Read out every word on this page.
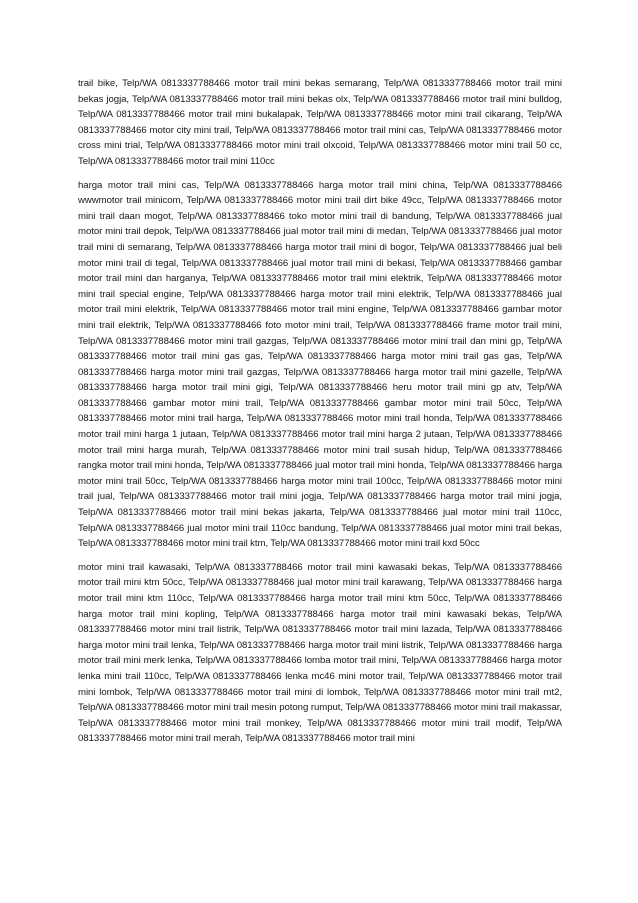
trail bike, Telp/WA 0813337788466 motor trail mini bekas semarang, Telp/WA 0813337788466 motor trail mini bekas jogja, Telp/WA 0813337788466 motor trail mini bekas olx, Telp/WA 0813337788466 motor trail mini bulldog, Telp/WA 0813337788466 motor trail mini bukalapak, Telp/WA 0813337788466 motor mini trail cikarang, Telp/WA 0813337788466 motor city mini trail, Telp/WA 0813337788466 motor trail mini cas, Telp/WA 0813337788466 motor cross mini trial, Telp/WA 0813337788466 motor mini trail olxcoid, Telp/WA 0813337788466 motor mini trail 50 cc, Telp/WA 0813337788466 motor trail mini 110cc

harga motor trail mini cas, Telp/WA 0813337788466 harga motor trail mini china, Telp/WA 0813337788466 wwwmotor trail minicom, Telp/WA 0813337788466 motor mini trail dirt bike 49cc, Telp/WA 0813337788466 motor mini trail daan mogot, Telp/WA 0813337788466 toko motor mini trail di bandung, Telp/WA 0813337788466 jual motor mini trail depok, Telp/WA 0813337788466 jual motor trail mini di medan, Telp/WA 0813337788466 jual motor trail mini di semarang, Telp/WA 0813337788466 harga motor trail mini di bogor, Telp/WA 0813337788466 jual beli motor mini trail di tegal, Telp/WA 0813337788466 jual motor trail mini di bekasi, Telp/WA 0813337788466 gambar motor trail mini dan harganya, Telp/WA 0813337788466 motor trail mini elektrik, Telp/WA 0813337788466 motor mini trail special engine, Telp/WA 0813337788466 harga motor trail mini elektrik, Telp/WA 0813337788466 jual motor trail mini elektrik, Telp/WA 0813337788466 motor trail mini engine, Telp/WA 0813337788466 gambar motor mini trail elektrik, Telp/WA 0813337788466 foto motor mini trail, Telp/WA 0813337788466 frame motor trail mini, Telp/WA 0813337788466 motor mini trail gazgas, Telp/WA 0813337788466 motor mini trail dan mini gp, Telp/WA 0813337788466 motor trail mini gas gas, Telp/WA 0813337788466 harga motor mini trail gas gas, Telp/WA 0813337788466 harga motor mini trail gazgas, Telp/WA 0813337788466 harga motor trail mini gazelle, Telp/WA 0813337788466 harga motor trail mini gigi, Telp/WA 0813337788466 heru motor trail mini gp atv, Telp/WA 0813337788466 gambar motor mini trail, Telp/WA 0813337788466 gambar motor mini trail 50cc, Telp/WA 0813337788466 motor mini trail harga, Telp/WA 0813337788466 motor mini trail honda, Telp/WA 0813337788466 motor trail mini harga 1 jutaan, Telp/WA 0813337788466 motor trail mini harga 2 jutaan, Telp/WA 0813337788466 motor trail mini harga murah, Telp/WA 0813337788466 motor mini trail susah hidup, Telp/WA 0813337788466 rangka motor trail mini honda, Telp/WA 0813337788466 jual motor trail mini honda, Telp/WA 0813337788466 harga motor mini trail 50cc, Telp/WA 0813337788466 harga motor mini trail 100cc, Telp/WA 0813337788466 motor mini trail jual, Telp/WA 0813337788466 motor trail mini jogja, Telp/WA 0813337788466 harga motor trail mini jogja, Telp/WA 0813337788466 motor trail mini bekas jakarta, Telp/WA 0813337788466 jual motor mini trail 110cc, Telp/WA 0813337788466 jual motor mini trail 110cc bandung, Telp/WA 0813337788466 jual motor mini trail bekas, Telp/WA 0813337788466 motor mini trail ktm, Telp/WA 0813337788466 motor mini trail kxd 50cc

motor mini trail kawasaki, Telp/WA 0813337788466 motor trail mini kawasaki bekas, Telp/WA 0813337788466 motor trail mini ktm 50cc, Telp/WA 0813337788466 jual motor mini trail karawang, Telp/WA 0813337788466 harga motor trail mini ktm 110cc, Telp/WA 0813337788466 harga motor trail mini ktm 50cc, Telp/WA 0813337788466 harga motor trail mini kopling, Telp/WA 0813337788466 harga motor trail mini kawasaki bekas, Telp/WA 0813337788466 motor mini trail listrik, Telp/WA 0813337788466 motor trail mini lazada, Telp/WA 0813337788466 harga motor mini trail lenka, Telp/WA 0813337788466 harga motor trail mini listrik, Telp/WA 0813337788466 harga motor trail mini merk lenka, Telp/WA 0813337788466 lomba motor trail mini, Telp/WA 0813337788466 harga motor lenka mini trail 110cc, Telp/WA 0813337788466 lenka mc46 mini motor trail, Telp/WA 0813337788466 motor trail mini lombok, Telp/WA 0813337788466 motor trail mini di lombok, Telp/WA 0813337788466 motor mini trail mt2, Telp/WA 0813337788466 motor mini trail mesin potong rumput, Telp/WA 0813337788466 motor mini trail makassar, Telp/WA 0813337788466 motor mini trail monkey, Telp/WA 0813337788466 motor mini trail modif, Telp/WA 0813337788466 motor mini trail merah, Telp/WA 0813337788466 motor trail mini
